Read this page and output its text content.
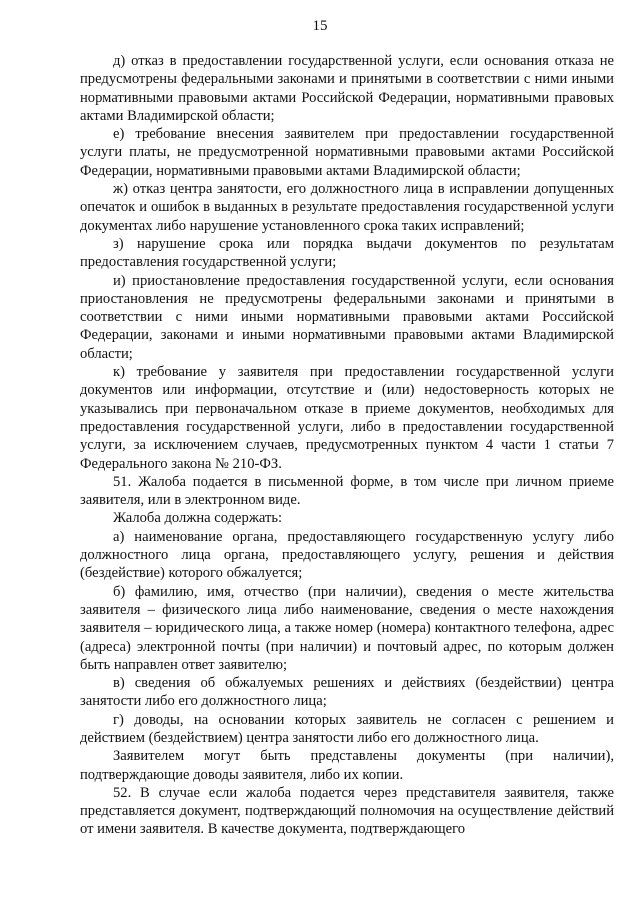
15

д) отказ в предоставлении государственной услуги, если основания отказа не предусмотрены федеральными законами и принятыми в соответствии с ними иными нормативными правовыми актами Российской Федерации, нормативными правовых актами Владимирской области;

е) требование внесения заявителем при предоставлении государственной услуги платы, не предусмотренной нормативными правовыми актами Российской Федерации, нормативными правовыми актами Владимирской области;

ж) отказ центра занятости, его должностного лица в исправлении допущенных опечаток и ошибок в выданных в результате предоставления государственной услуги документах либо нарушение установленного срока таких исправлений;

з) нарушение срока или порядка выдачи документов по результатам предоставления государственной услуги;

и) приостановление предоставления государственной услуги, если основания приостановления не предусмотрены федеральными законами и принятыми в соответствии с ними иными нормативными правовыми актами Российской Федерации, законами и иными нормативными правовыми актами Владимирской области;

к) требование у заявителя при предоставлении государственной услуги документов или информации, отсутствие и (или) недостоверность которых не указывались при первоначальном отказе в приеме документов, необходимых для предоставления государственной услуги, либо в предоставлении государственной услуги, за исключением случаев, предусмотренных пунктом 4 части 1 статьи 7 Федерального закона № 210-ФЗ.

51. Жалоба подается в письменной форме, в том числе при личном приеме заявителя, или в электронном виде.

Жалоба должна содержать:

а) наименование органа, предоставляющего государственную услугу либо должностного лица органа, предоставляющего услугу, решения и действия (бездействие) которого обжалуется;

б) фамилию, имя, отчество (при наличии), сведения о месте жительства заявителя – физического лица либо наименование, сведения о месте нахождения заявителя – юридического лица, а также номер (номера) контактного телефона, адрес (адреса) электронной почты (при наличии) и почтовый адрес, по которым должен быть направлен ответ заявителю;

в) сведения об обжалуемых решениях и действиях (бездействии) центра занятости либо его должностного лица;

г) доводы, на основании которых заявитель не согласен с решением и действием (бездействием) центра занятости либо его должностного лица.

Заявителем могут быть представлены документы (при наличии), подтверждающие доводы заявителя, либо их копии.

52. В случае если жалоба подается через представителя заявителя, также представляется документ, подтверждающий полномочия на осуществление действий от имени заявителя. В качестве документа, подтверждающего
